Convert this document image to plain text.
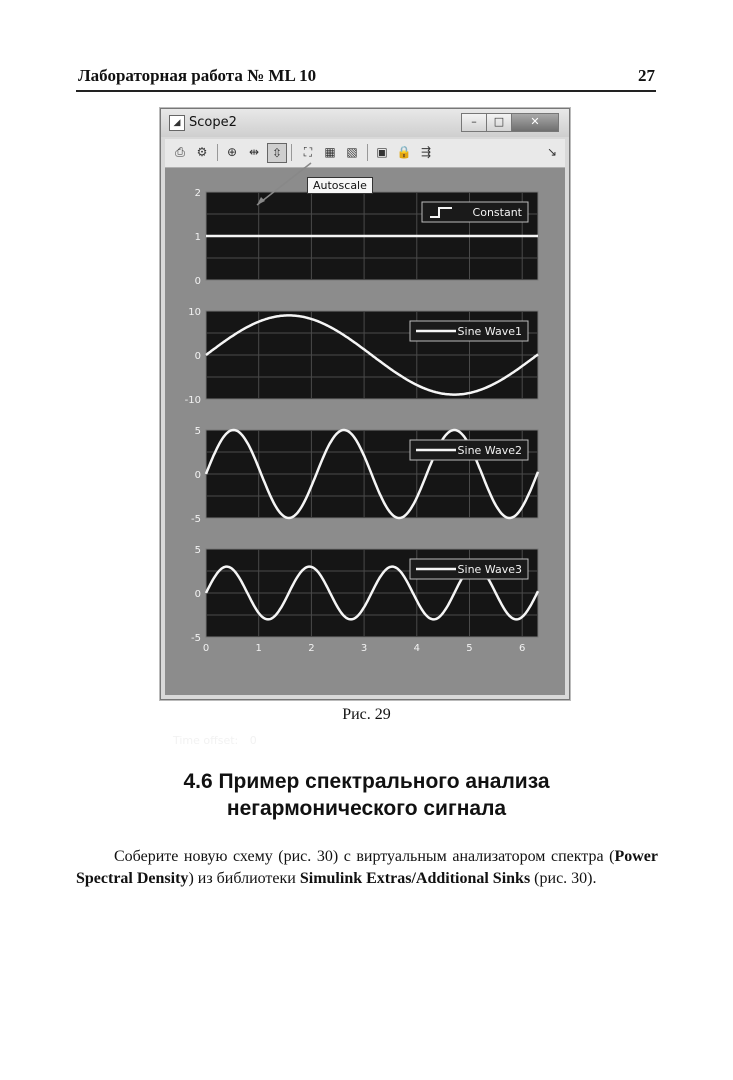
Лабораторная работа № ML 10	27
◢ Scope2	–	□	✕
⎙ ⚙	⊕ ⇹	⇳	⛶	▦ ▧ ▣ 🔒 ⇶	↘
2
1
0
Constant
10
0
-10
Sine Wave1
5
0
-5
Sine Wave2
5
0
-5
0	1	2	3	4	5	6
Sine Wave3
Time offset: 0
Autoscale
Рис. 29
4.6 Пример спектрального анализа
негармонического сигнала
Соберите новую схему (рис. 30) с виртуальным анализатором спектра (Power Spectral Density) из библиотеки Simulink Extras/Additional Sinks (рис. 30).
